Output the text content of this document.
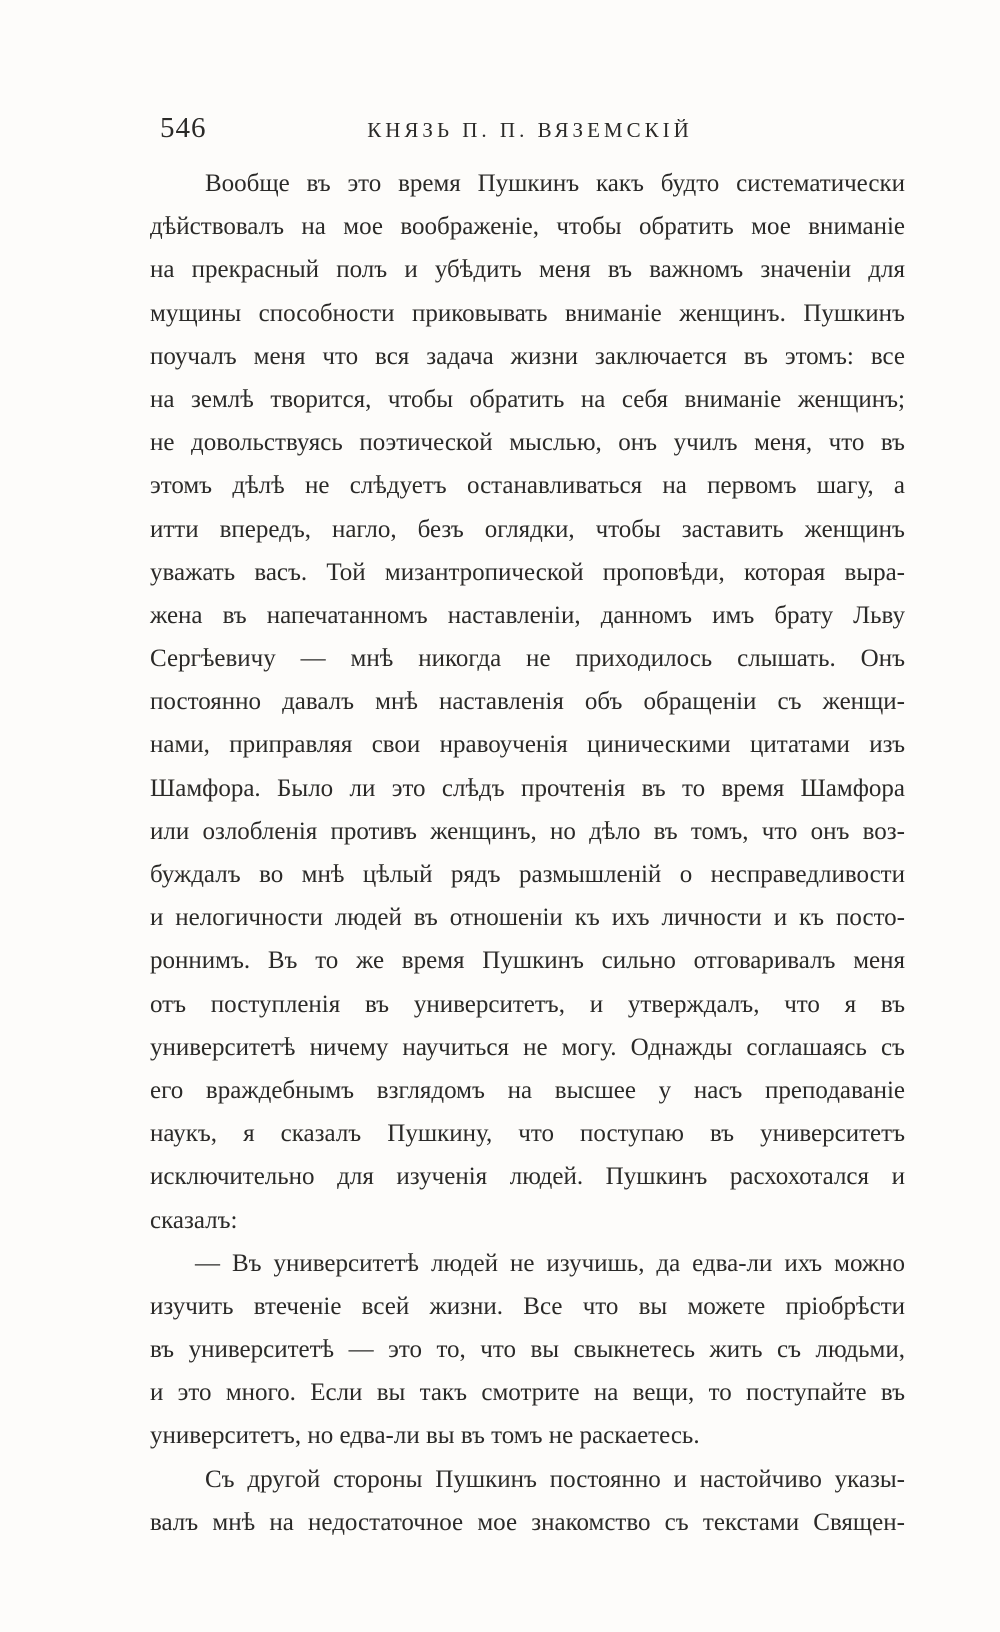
546	КНЯЗЬ П. П. ВЯЗЕМСКІЙ
Вообще въ это время Пушкинъ какъ будто систематически
дѣйствовалъ на мое воображеніе, чтобы обратить мое вниманіе
на прекрасный полъ и убѣдить меня въ важномъ значеніи для
мущины способности приковывать вниманіе женщинъ. Пушкинъ
поучалъ меня что вся задача жизни заключается въ этомъ: все
на землѣ творится, чтобы обратить на себя вниманіе женщинъ;
не довольствуясь поэтической мыслью, онъ училъ меня, что въ
этомъ дѣлѣ не слѣдуетъ останавливаться на первомъ шагу, а
итти впередъ, нагло, безъ оглядки, чтобы заставить женщинъ
уважать васъ. Той мизантропической проповѣди, которая выра-
жена въ напечатанномъ наставленіи, данномъ имъ брату Льву
Сергѣевичу — мнѣ никогда не приходилось слышать. Онъ
постоянно давалъ мнѣ наставленія объ обращеніи съ женщи-
нами, приправляя свои нравоученія циническими цитатами изъ
Шамфора. Было ли это слѣдъ прочтенія въ то время Шамфора
или озлобленія противъ женщинъ, но дѣло въ томъ, что онъ воз-
буждалъ во мнѣ цѣлый рядъ размышленій о несправедливости
и нелогичности людей въ отношеніи къ ихъ личности и къ посто-
роннимъ. Въ то же время Пушкинъ сильно отговаривалъ меня
отъ поступленія въ университетъ, и утверждалъ, что я въ
университетѣ ничему научиться не могу. Однажды соглашаясь съ
его враждебнымъ взглядомъ на высшее у насъ преподаваніе
наукъ, я сказалъ Пушкину, что поступаю въ университетъ
исключительно для изученія людей. Пушкинъ расхохотался и
сказалъ:
— Въ университетѣ людей не изучишь, да едва-ли ихъ можно
изучить втеченіе всей жизни. Все что вы можете пріобрѣсти
въ университетѣ — это то, что вы свыкнетесь жить съ людьми,
и это много. Если вы такъ смотрите на вещи, то поступайте въ
университетъ, но едва-ли вы въ томъ не раскаетесь.
Съ другой стороны Пушкинъ постоянно и настойчиво указы-
валъ мнѣ на недостаточное мое знакомство съ текстами Священ-
